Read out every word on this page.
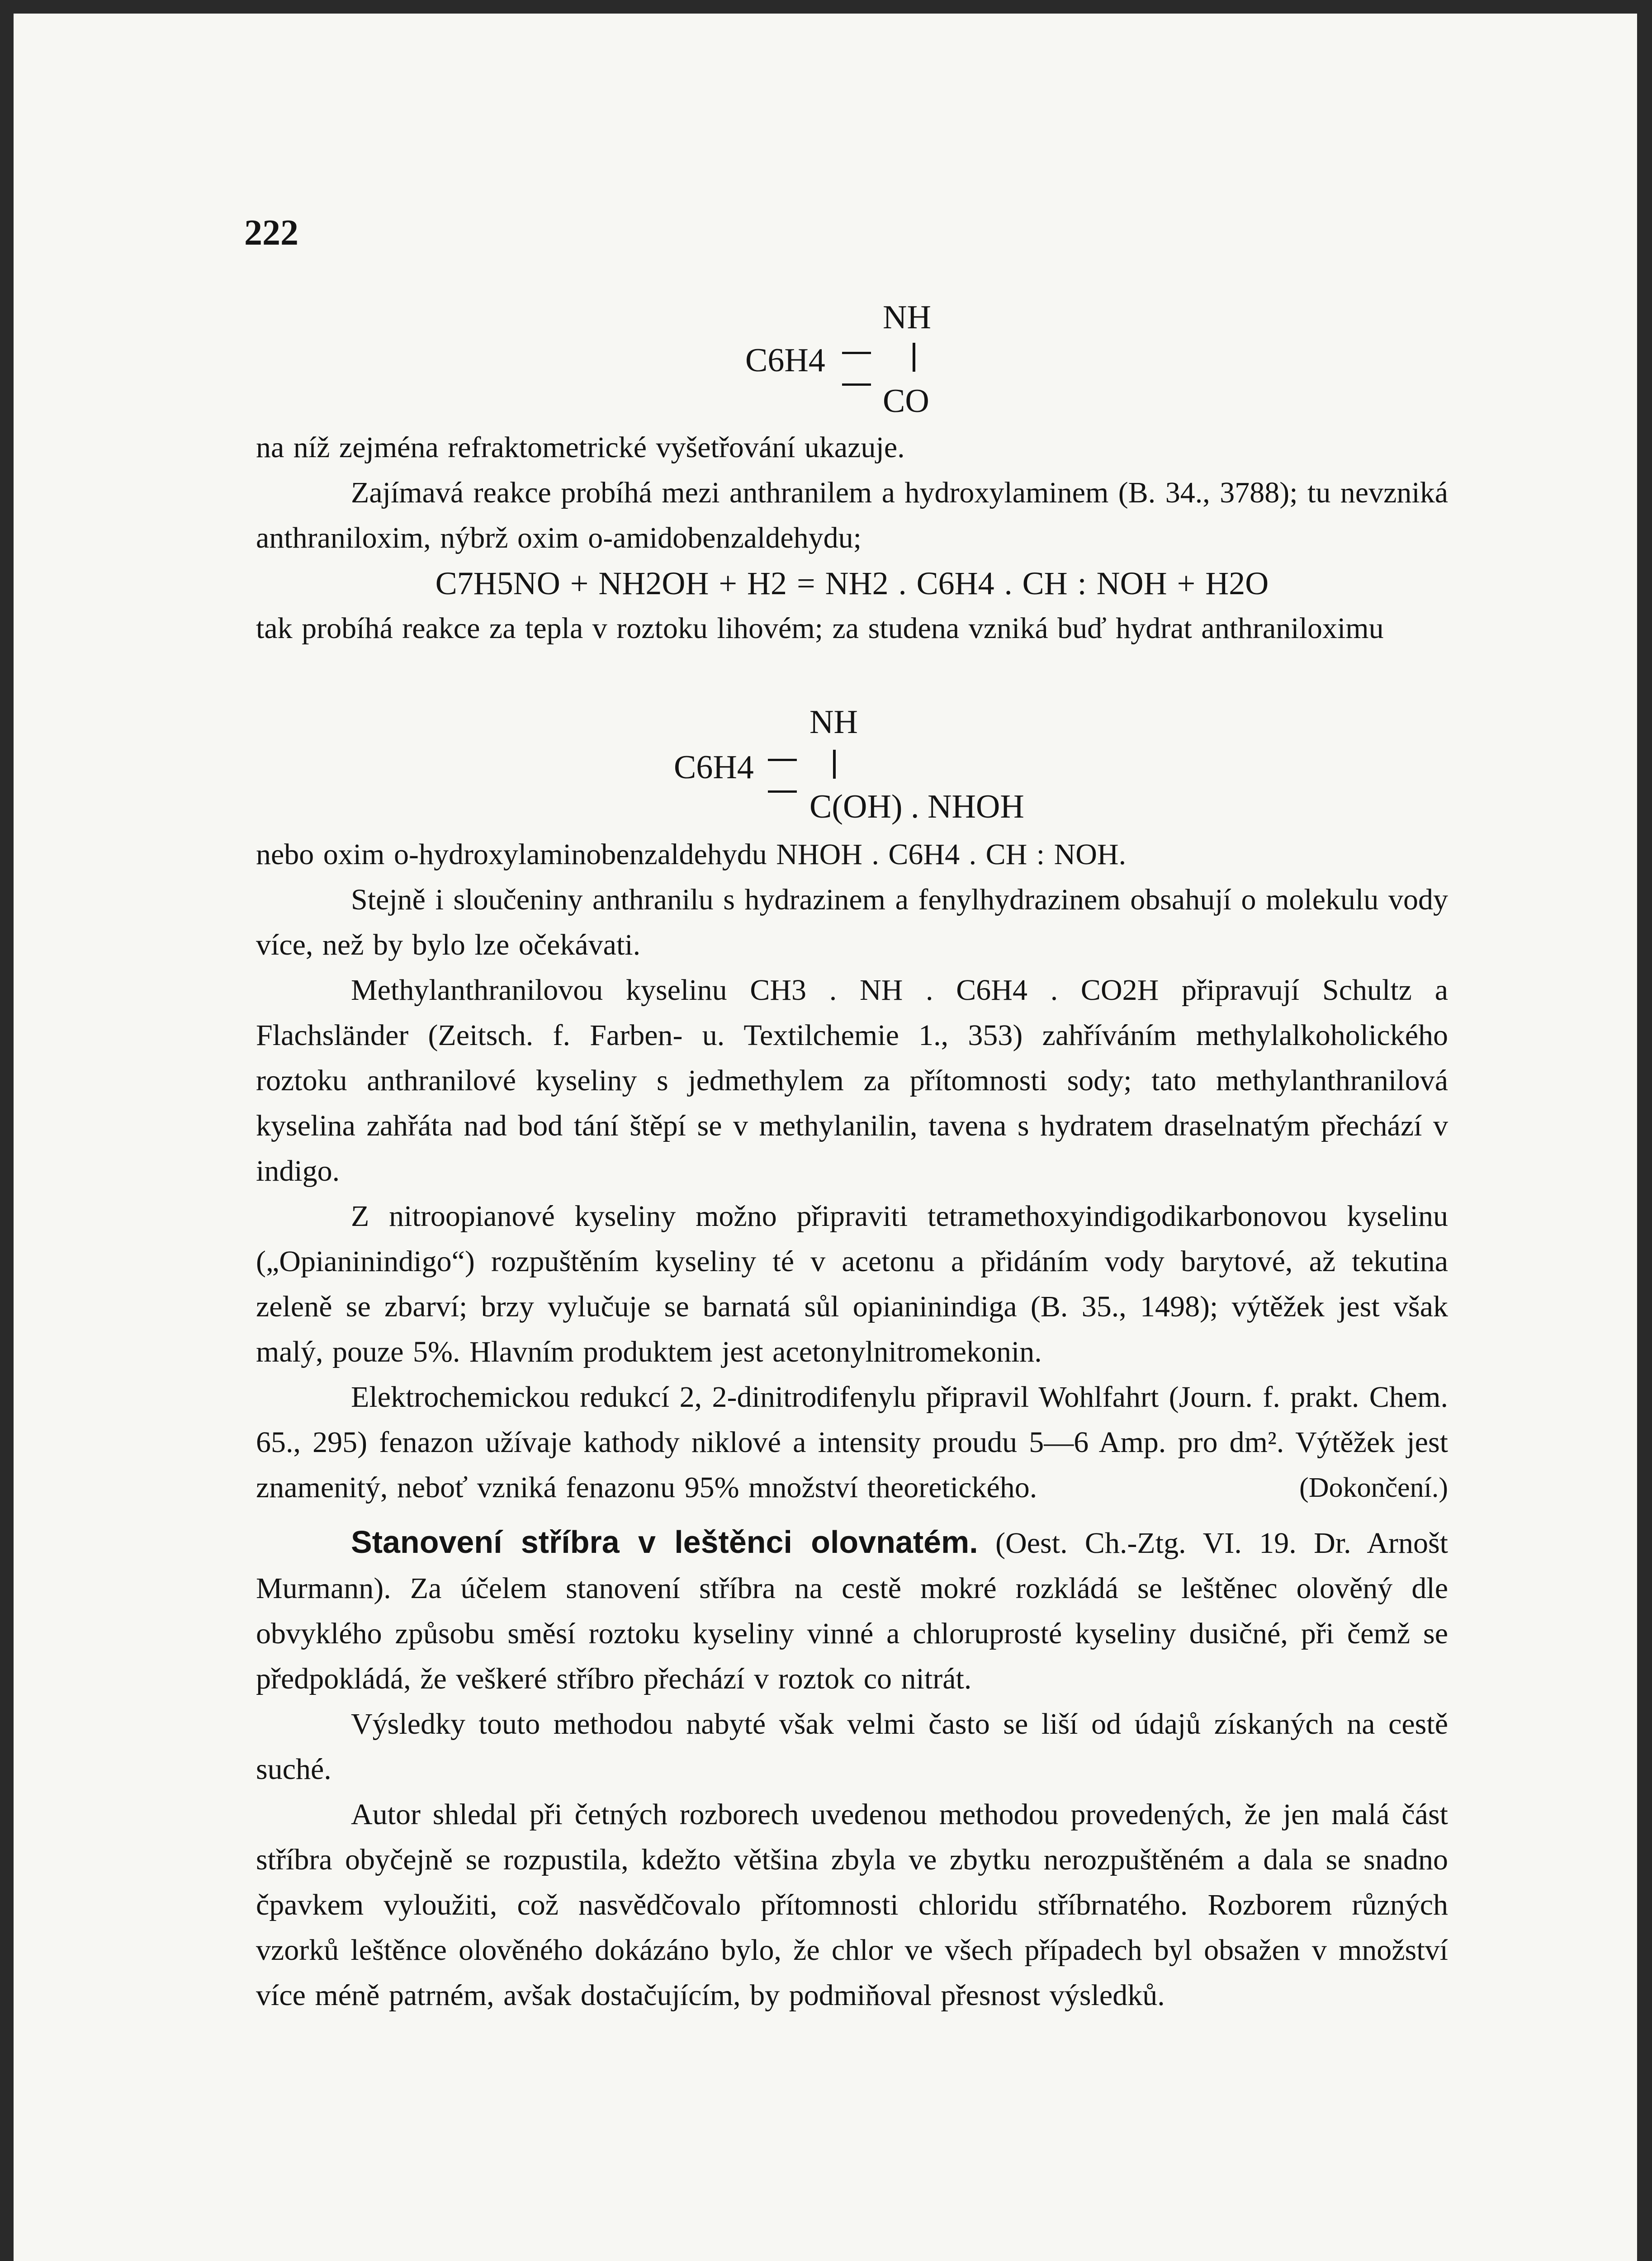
222
NH
C6H4
CO

na níž zejména refraktometrické vyšetřování ukazuje.

Zajímavá reakce probíhá mezi anthranilem a hydroxylaminem (B. 34., 3788); tu nevzniká anthraniloxim, nýbrž oxim o-amidobenzaldehydu;

C7H5NO + NH2OH + H2 = NH2 . C6H4 . CH : NOH + H2O

tak probíhá reakce za tepla v roztoku lihovém; za studena vzniká buď hydrat anthraniloximu

NH
C6H4
C(OH) . NHOH

nebo oxim o-hydroxylaminobenzaldehydu NHOH . C6H4 . CH : NOH.

Stejně i sloučeniny anthranilu s hydrazinem a fenylhydrazinem obsahují o molekulu vody více, než by bylo lze očekávati.

Methylanthranilovou kyselinu CH3 . NH . C6H4 . CO2H připravují Schultz a Flachsländer (Zeitsch. f. Farben- u. Textilchemie 1., 353) zahříváním methylalkoholického roztoku anthranilové kyseliny s jedmethylem za přítomnosti sody; tato methylanthranilová kyselina zahřáta nad bod tání štěpí se v methylanilin, tavena s hydratem draselnatým přechází v indigo.

Z nitroopianové kyseliny možno připraviti tetramethoxyindigodikarbonovou kyselinu („Opianinindigo“) rozpuštěním kyseliny té v acetonu a přidáním vody barytové, až tekutina zeleně se zbarví; brzy vylučuje se barnatá sůl opianinindiga (B. 35., 1498); výtěžek jest však malý, pouze 5%. Hlavním produktem jest acetonylnitromekonin.

Elektrochemickou redukcí 2, 2-dinitrodifenylu připravil Wohlfahrt (Journ. f. prakt. Chem. 65., 295) fenazon užívaje kathody niklové a intensity proudu 5—6 Amp. pro dm². Výtěžek jest znamenitý, neboť vzniká fenazonu 95% množství theoretického.	(Dokončení.)

Stanovení stříbra v leštěnci olovnatém. (Oest. Ch.-Ztg. VI. 19. Dr. Arnošt Murmann). Za účelem stanovení stříbra na cestě mokré rozkládá se leštěnec olověný dle obvyklého způsobu směsí roztoku kyseliny vinné a chloruprosté kyseliny dusičné, při čemž se předpokládá, že veškeré stříbro přechází v roztok co nitrát.

Výsledky touto methodou nabyté však velmi často se liší od údajů získaných na cestě suché.

Autor shledal při četných rozborech uvedenou methodou provedených, že jen malá část stříbra obyčejně se rozpustila, kdežto většina zbyla ve zbytku nerozpuštěném a dala se snadno čpavkem vyloužiti, což nasvědčovalo přítomnosti chloridu stříbrnatého. Rozborem různých vzorků leštěnce olověného dokázáno bylo, že chlor ve všech případech byl obsažen v množství více méně patrném, avšak dostačujícím, by podmiňoval přesnost výsledků.
